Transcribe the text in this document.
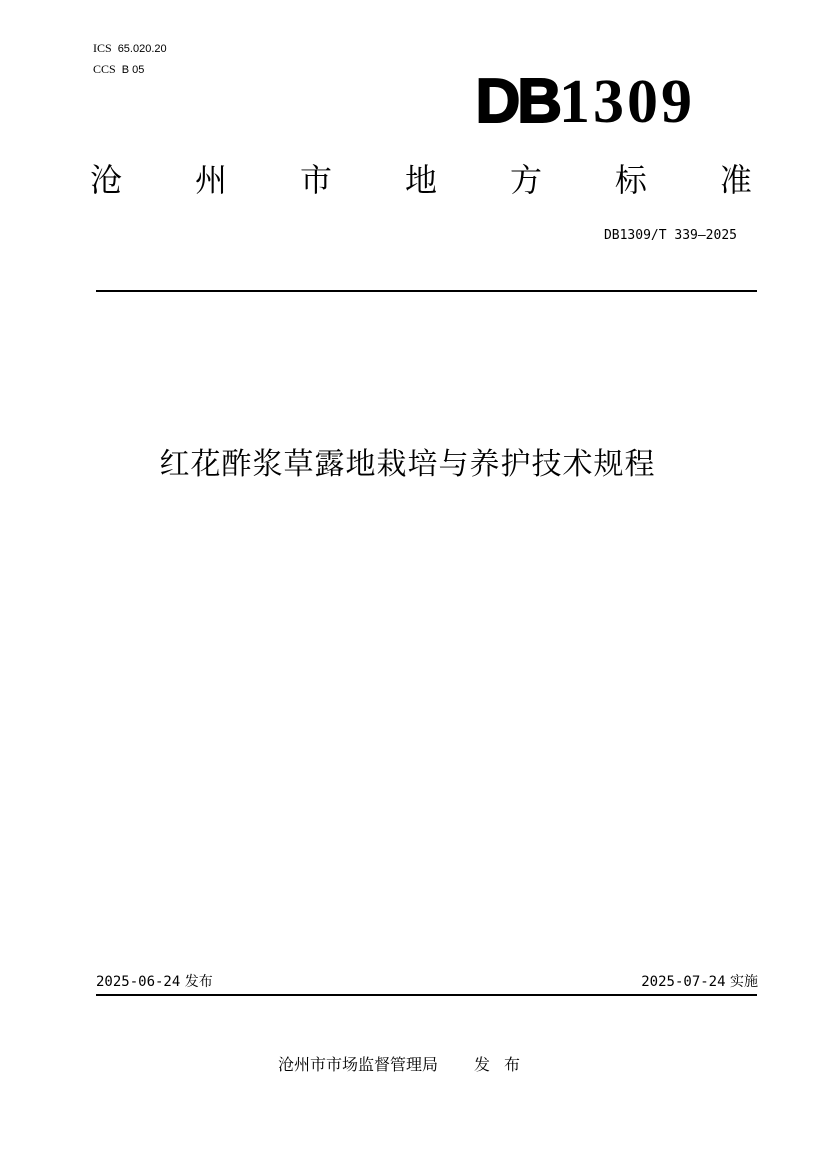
ICS 65.020.20
CCS B 05	DB1309
沧 州 市 地 方 标 准
DB1309/T 339—2025
红花酢浆草露地栽培与养护技术规程
2025-06-24 发布	2025-07-24 实施
沧州市市场监督管理局 发布
